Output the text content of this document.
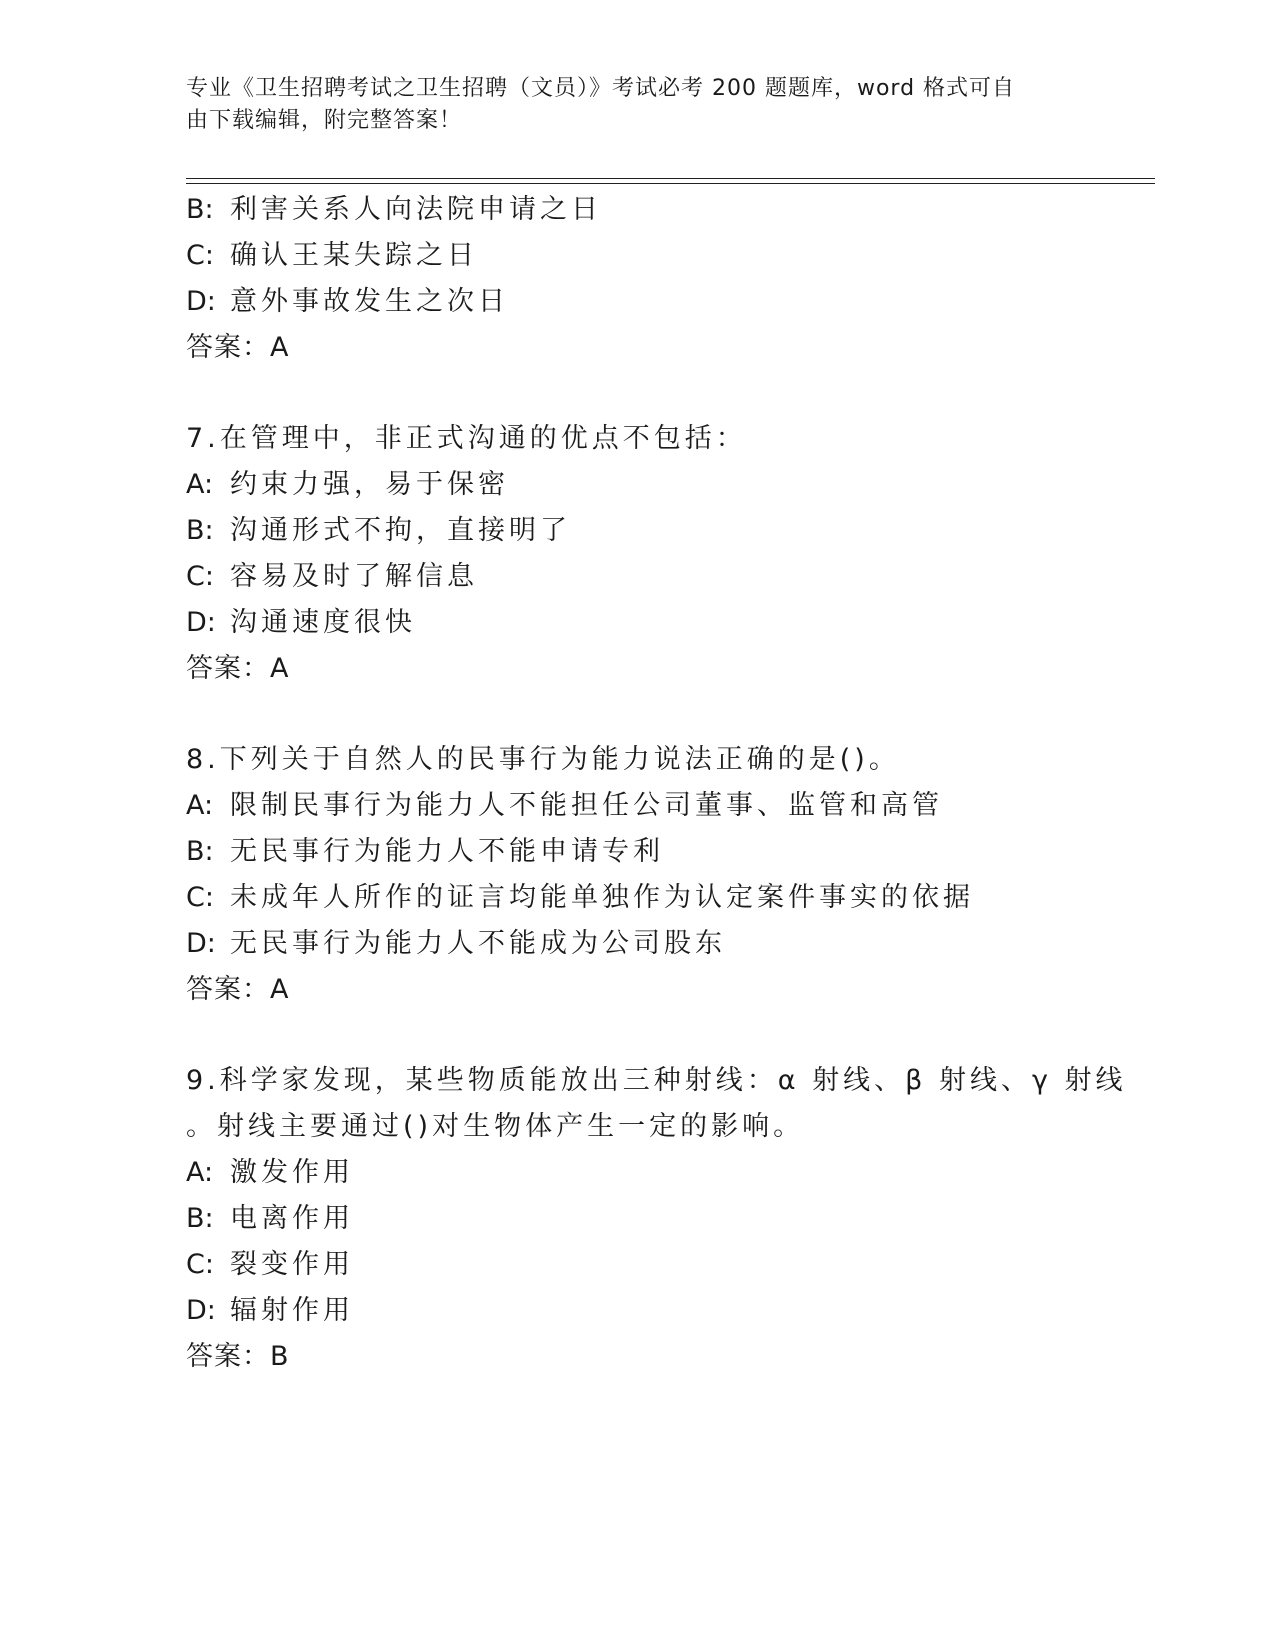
专业《卫生招聘考试之卫生招聘（文员）》考试必考 200 题题库，word 格式可自
由下载编辑，附完整答案！
B: 利害关系人向法院申请之日
C: 确认王某失踪之日
D: 意外事故发生之次日
答案：A
7.在管理中，非正式沟通的优点不包括：
A: 约束力强，易于保密
B: 沟通形式不拘，直接明了
C: 容易及时了解信息
D: 沟通速度很快
答案：A
8.下列关于自然人的民事行为能力说法正确的是()。
A: 限制民事行为能力人不能担任公司董事、监管和高管
B: 无民事行为能力人不能申请专利
C: 未成年人所作的证言均能单独作为认定案件事实的依据
D: 无民事行为能力人不能成为公司股东
答案：A
9.科学家发现，某些物质能放出三种射线：α 射线、β 射线、γ 射线
。射线主要通过()对生物体产生一定的影响。
A: 激发作用
B: 电离作用
C: 裂变作用
D: 辐射作用
答案：B
